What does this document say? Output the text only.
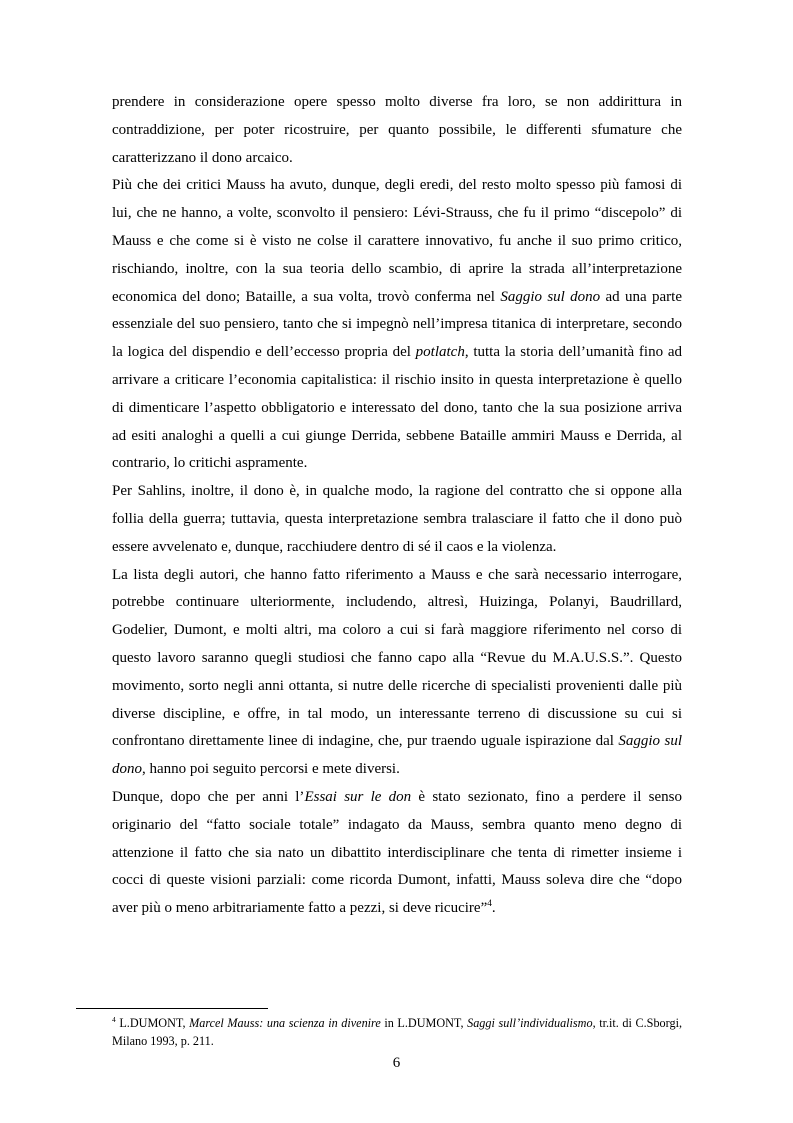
prendere in considerazione opere spesso molto diverse fra loro, se non addirittura in contraddizione, per poter ricostruire, per quanto possibile, le differenti sfumature che caratterizzano il dono arcaico.

Più che dei critici Mauss ha avuto, dunque, degli eredi, del resto molto spesso più famosi di lui, che ne hanno, a volte, sconvolto il pensiero: Lévi-Strauss, che fu il primo “discepolo” di Mauss e che come si è visto ne colse il carattere innovativo, fu anche il suo primo critico, rischiando, inoltre, con la sua teoria dello scambio, di aprire la strada all’interpretazione economica del dono; Bataille, a sua volta, trovò conferma nel Saggio sul dono ad una parte essenziale del suo pensiero, tanto che si impegnò nell’impresa titanica di interpretare, secondo la logica del dispendio e dell’eccesso propria del potlatch, tutta la storia dell’umanità fino ad arrivare a criticare l’economia capitalistica: il rischio insito in questa interpretazione è quello di dimenticare l’aspetto obbligatorio e interessato del dono, tanto che la sua posizione arriva ad esiti analoghi a quelli a cui giunge Derrida, sebbene Bataille ammiri Mauss e Derrida, al contrario, lo critichi aspramente.

Per Sahlins, inoltre, il dono è, in qualche modo, la ragione del contratto che si oppone alla follia della guerra; tuttavia, questa interpretazione sembra tralasciare il fatto che il dono può essere avvelenato e, dunque, racchiudere dentro di sé il caos e la violenza.

La lista degli autori, che hanno fatto riferimento a Mauss e che sarà necessario interrogare, potrebbe continuare ulteriormente, includendo, altresì, Huizinga, Polanyi, Baudrillard, Godelier, Dumont, e molti altri, ma coloro a cui si farà maggiore riferimento nel corso di questo lavoro saranno quegli studiosi che fanno capo alla “Revue du M.A.U.S.S.”. Questo movimento, sorto negli anni ottanta, si nutre delle ricerche di specialisti provenienti dalle più diverse discipline, e offre, in tal modo, un interessante terreno di discussione su cui si confrontano direttamente linee di indagine, che, pur traendo uguale ispirazione dal Saggio sul dono, hanno poi seguito percorsi e mete diversi.

Dunque, dopo che per anni l’Essai sur le don è stato sezionato, fino a perdere il senso originario del “fatto sociale totale” indagato da Mauss, sembra quanto meno degno di attenzione il fatto che sia nato un dibattito interdisciplinare che tenta di rimetter insieme i cocci di queste visioni parziali: come ricorda Dumont, infatti, Mauss soleva dire che “dopo aver più o meno arbitrariamente fatto a pezzi, si deve ricucire”$^4$.

$^4$ L.DUMONT, Marcel Mauss: una scienza in divenire in L.DUMONT, Saggi sull’individualismo, tr.it. di C.Sborgi, Milano 1993, p. 211.
6
